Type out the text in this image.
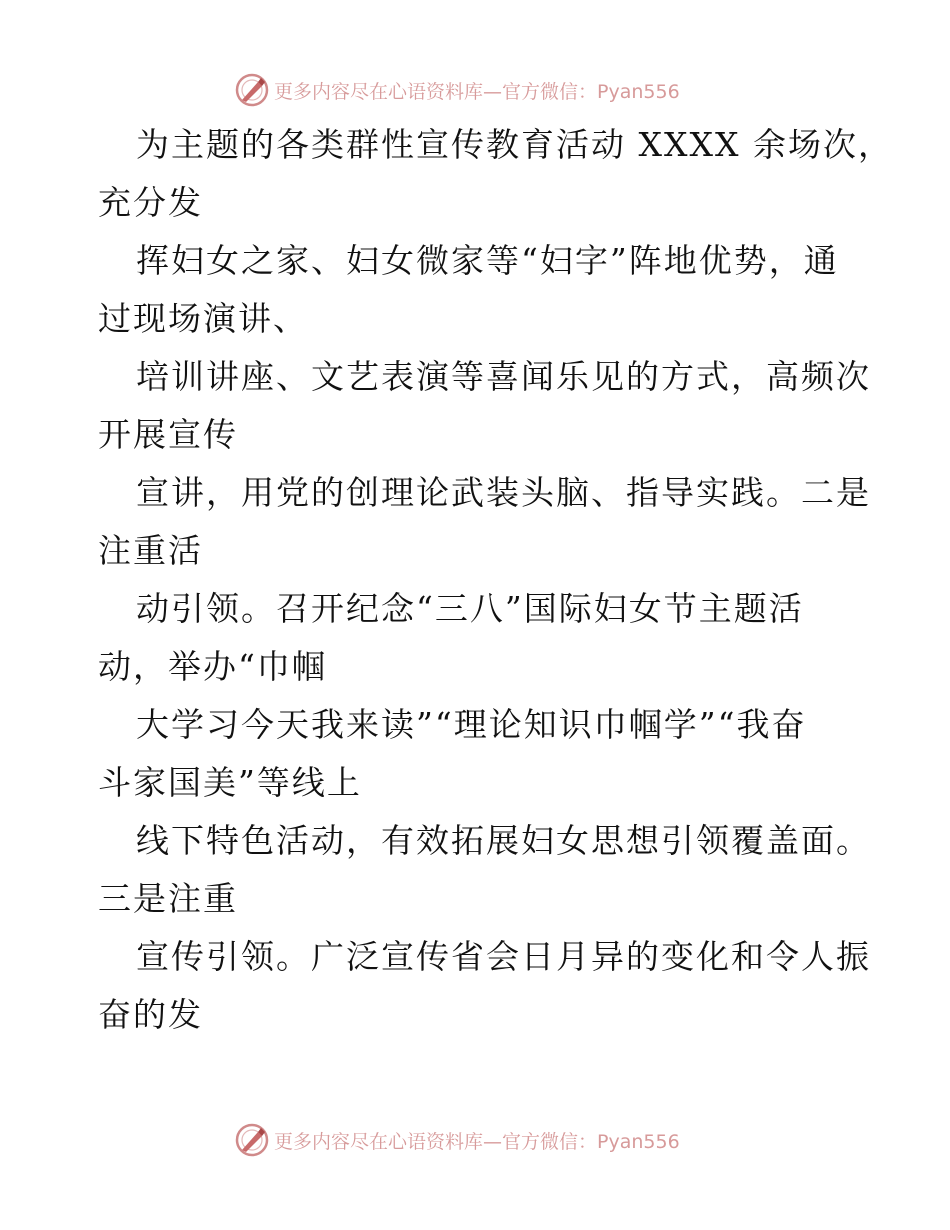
更多内容尽在心语资料库—官方微信：Pyan556

为主题的各类群性宣传教育活动 XXXX 余场次，
充分发

挥妇女之家、妇女微家等“妇字”阵地优势，通
过现场演讲、

培训讲座、文艺表演等喜闻乐见的方式，高频次
开展宣传

宣讲，用党的创理论武装头脑、指导实践。二是
注重活

动引领。召开纪念“三八”国际妇女节主题活
动，举办“巾帼

大学习今天我来读”“理论知识巾帼学”“我奋
斗家国美”等线上

线下特色活动，有效拓展妇女思想引领覆盖面。
三是注重

宣传引领。广泛宣传省会日月异的变化和令人振
奋的发

更多内容尽在心语资料库—官方微信：Pyan556
